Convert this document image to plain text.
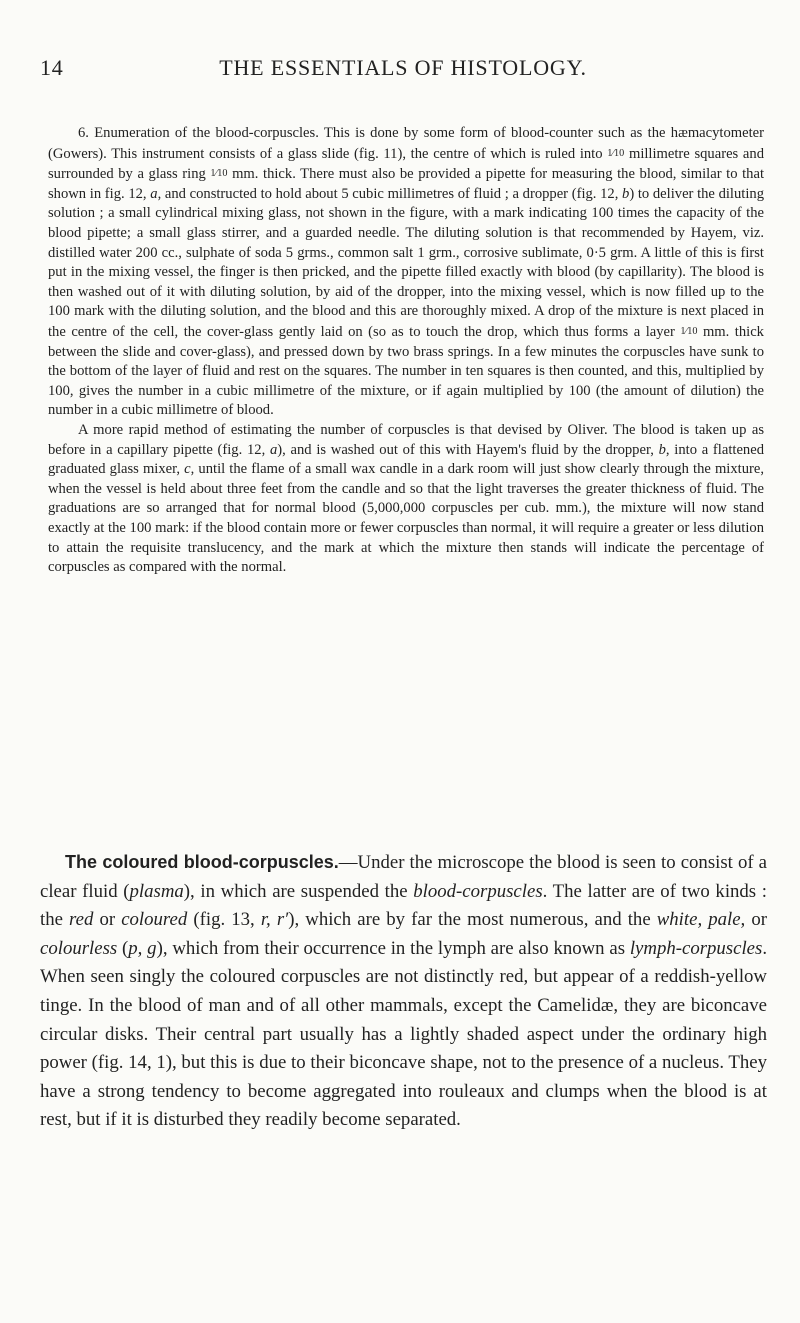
14	THE ESSENTIALS OF HISTOLOGY.

6. Enumeration of the blood-corpuscles. This is done by some form of blood-counter such as the hæmacytometer (Gowers). This instrument consists of a glass slide (fig. 11), the centre of which is ruled into 1⁄10 millimetre squares and surrounded by a glass ring 1⁄10 mm. thick. There must also be provided a pipette for measuring the blood, similar to that shown in fig. 12, a, and constructed to hold about 5 cubic millimetres of fluid ; a dropper (fig. 12, b) to deliver the diluting solution ; a small cylindrical mixing glass, not shown in the figure, with a mark indicating 100 times the capacity of the blood pipette; a small glass stirrer, and a guarded needle. The diluting solution is that recommended by Hayem, viz. distilled water 200 cc., sulphate of soda 5 grms., common salt 1 grm., corrosive sublimate, 0·5 grm. A little of this is first put in the mixing vessel, the finger is then pricked, and the pipette filled exactly with blood (by capillarity). The blood is then washed out of it with diluting solution, by aid of the dropper, into the mixing vessel, which is now filled up to the 100 mark with the diluting solution, and the blood and this are thoroughly mixed. A drop of the mixture is next placed in the centre of the cell, the cover-glass gently laid on (so as to touch the drop, which thus forms a layer 1⁄10 mm. thick between the slide and cover-glass), and pressed down by two brass springs. In a few minutes the corpuscles have sunk to the bottom of the layer of fluid and rest on the squares. The number in ten squares is then counted, and this, multiplied by 100, gives the number in a cubic millimetre of the mixture, or if again multiplied by 100 (the amount of dilution) the number in a cubic millimetre of blood.

A more rapid method of estimating the number of corpuscles is that devised by Oliver. The blood is taken up as before in a capillary pipette (fig. 12, a), and is washed out of this with Hayem's fluid by the dropper, b, into a flattened graduated glass mixer, c, until the flame of a small wax candle in a dark room will just show clearly through the mixture, when the vessel is held about three feet from the candle and so that the light traverses the greater thickness of fluid. The graduations are so arranged that for normal blood (5,000,000 corpuscles per cub. mm.), the mixture will now stand exactly at the 100 mark: if the blood contain more or fewer corpuscles than normal, it will require a greater or less dilution to attain the requisite translucency, and the mark at which the mixture then stands will indicate the percentage of corpuscles as compared with the normal.

The coloured blood-corpuscles.—Under the microscope the blood is seen to consist of a clear fluid (plasma), in which are suspended the blood-corpuscles. The latter are of two kinds : the red or coloured (fig. 13, r, r′), which are by far the most numerous, and the white, pale, or colourless (p, g), which from their occurrence in the lymph are also known as lymph-corpuscles. When seen singly the coloured corpuscles are not distinctly red, but appear of a reddish-yellow tinge. In the blood of man and of all other mammals, except the Camelidæ, they are biconcave circular disks. Their central part usually has a lightly shaded aspect under the ordinary high power (fig. 14, 1), but this is due to their biconcave shape, not to the presence of a nucleus. They have a strong tendency to become aggregated into rouleaux and clumps when the blood is at rest, but if it is disturbed they readily become separated.
